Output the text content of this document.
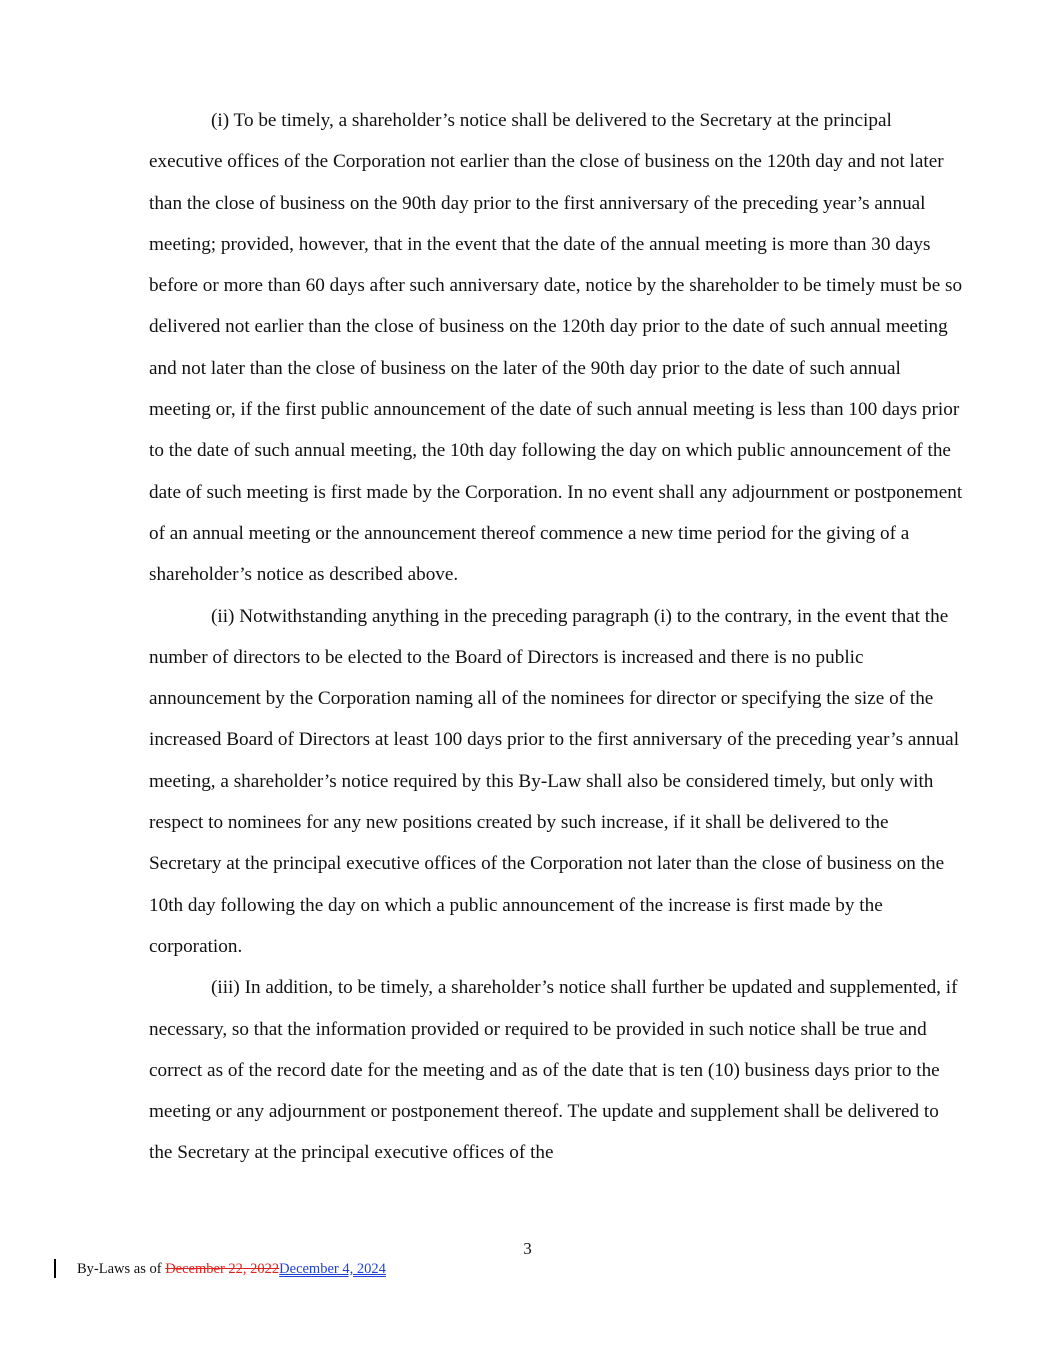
(i) To be timely, a shareholder’s notice shall be delivered to the Secretary at the principal executive offices of the Corporation not earlier than the close of business on the 120th day and not later than the close of business on the 90th day prior to the first anniversary of the preceding year’s annual meeting; provided, however, that in the event that the date of the annual meeting is more than 30 days before or more than 60 days after such anniversary date, notice by the shareholder to be timely must be so delivered not earlier than the close of business on the 120th day prior to the date of such annual meeting and not later than the close of business on the later of the 90th day prior to the date of such annual meeting or, if the first public announcement of the date of such annual meeting is less than 100 days prior to the date of such annual meeting, the 10th day following the day on which public announcement of the date of such meeting is first made by the Corporation. In no event shall any adjournment or postponement of an annual meeting or the announcement thereof commence a new time period for the giving of a shareholder’s notice as described above.

(ii) Notwithstanding anything in the preceding paragraph (i) to the contrary, in the event that the number of directors to be elected to the Board of Directors is increased and there is no public announcement by the Corporation naming all of the nominees for director or specifying the size of the increased Board of Directors at least 100 days prior to the first anniversary of the preceding year’s annual meeting, a shareholder’s notice required by this By-Law shall also be considered timely, but only with respect to nominees for any new positions created by such increase, if it shall be delivered to the Secretary at the principal executive offices of the Corporation not later than the close of business on the 10th day following the day on which a public announcement of the increase is first made by the corporation.

(iii) In addition, to be timely, a shareholder’s notice shall further be updated and supplemented, if necessary, so that the information provided or required to be provided in such notice shall be true and correct as of the record date for the meeting and as of the date that is ten (10) business days prior to the meeting or any adjournment or postponement thereof. The update and supplement shall be delivered to the Secretary at the principal executive offices of the

3
By-Laws as of December 22, 2022December 4, 2024
